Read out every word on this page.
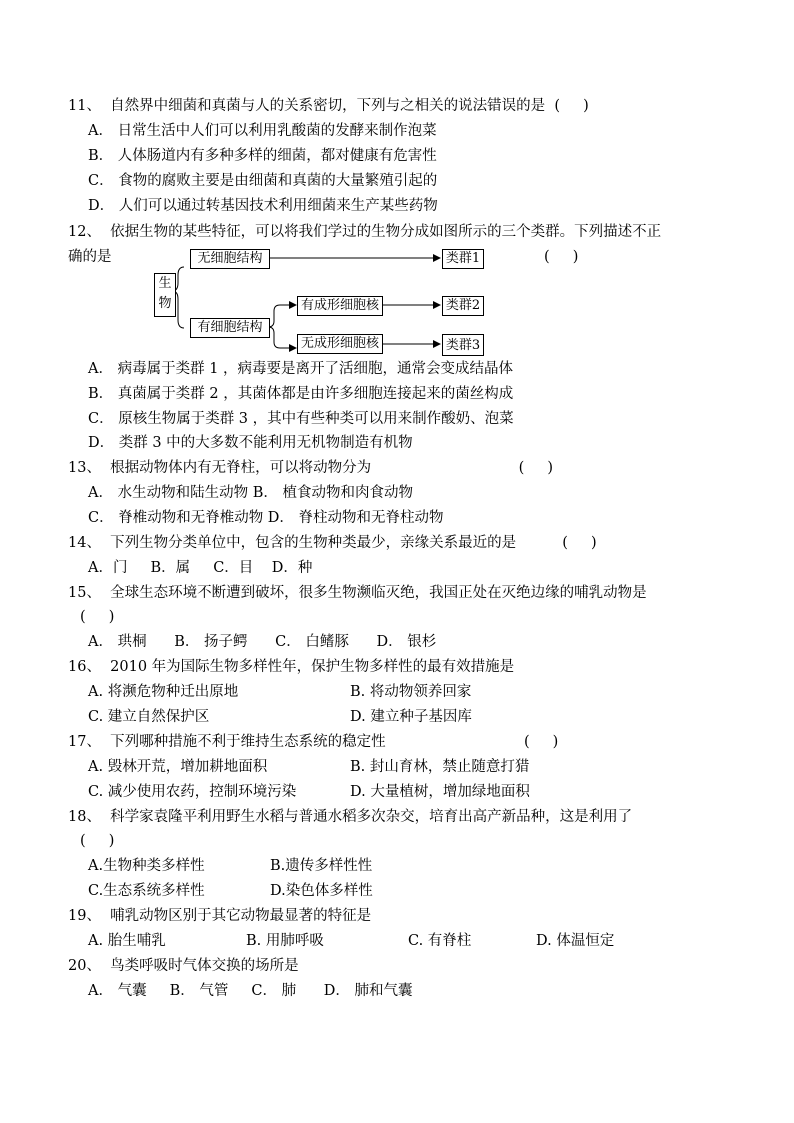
11、  自然界中细菌和真菌与人的关系密切，下列与之相关的说法错误的是  (     )
A． 日常生活中人们可以利用乳酸菌的发酵来制作泡菜
B． 人体肠道内有多种多样的细菌，都对健康有危害性
C． 食物的腐败主要是由细菌和真菌的大量繁殖引起的
D． 人们可以通过转基因技术利用细菌来生产某些药物
12、  依据生物的某些特征，可以将我们学过的生物分成如图所示的三个类群。下列描述不正
确的是	(     )
生物
无细胞结构
有细胞结构
有成形细胞核
无成形细胞核
类群1
类群2
类群3
A． 病毒属于类群 1 ，病毒要是离开了活细胞，通常会变成结晶体
B． 真菌属于类群 2 ，其菌体都是由许多细胞连接起来的菌丝构成
C． 原核生物属于类群 3 ，其中有些种类可以用来制作酸奶、泡菜
D． 类群 3 中的大多数不能利用无机物制造有机物
13、  根据动物体内有无脊柱，可以将动物分为                                (     )
A． 水生动物和陆生动物 B． 植食动物和肉食动物
C． 脊椎动物和无脊椎动物 D． 脊柱动物和无脊柱动物
14、  下列生物分类单位中，包含的生物种类最少，亲缘关系最近的是          (     )
A．门     B．属     C．目    D．种
15、  全球生态环境不断遭到破坏，很多生物濒临灭绝，我国正处在灭绝边缘的哺乳动物是
(     )
A． 珙桐      B． 扬子鳄      C． 白鳍豚      D． 银杉
16、  2010 年为国际生物多样性年，保护生物多样性的最有效措施是
A. 将濒危物种迁出原地	B. 将动物领养回家
C. 建立自然保护区	D. 建立种子基因库
17、  下列哪种措施不利于维持生态系统的稳定性                              (     )
A. 毁林开荒，增加耕地面积	B. 封山育林，禁止随意打猎
C. 减少使用农药，控制环境污染	D. 大量植树，增加绿地面积
18、  科学家袁隆平利用野生水稻与普通水稻多次杂交，培育出高产新品种，这是利用了
(     )
A.生物种类多样性	B.遗传多样性性
C.生态系统多样性	D.染色体多样性
19、  哺乳动物区别于其它动物最显著的特征是
A. 胎生哺乳	B. 用肺呼吸	C. 有脊柱	D. 体温恒定
20、  鸟类呼吸时气体交换的场所是
A． 气囊     B． 气管     C． 肺      D． 肺和气囊
